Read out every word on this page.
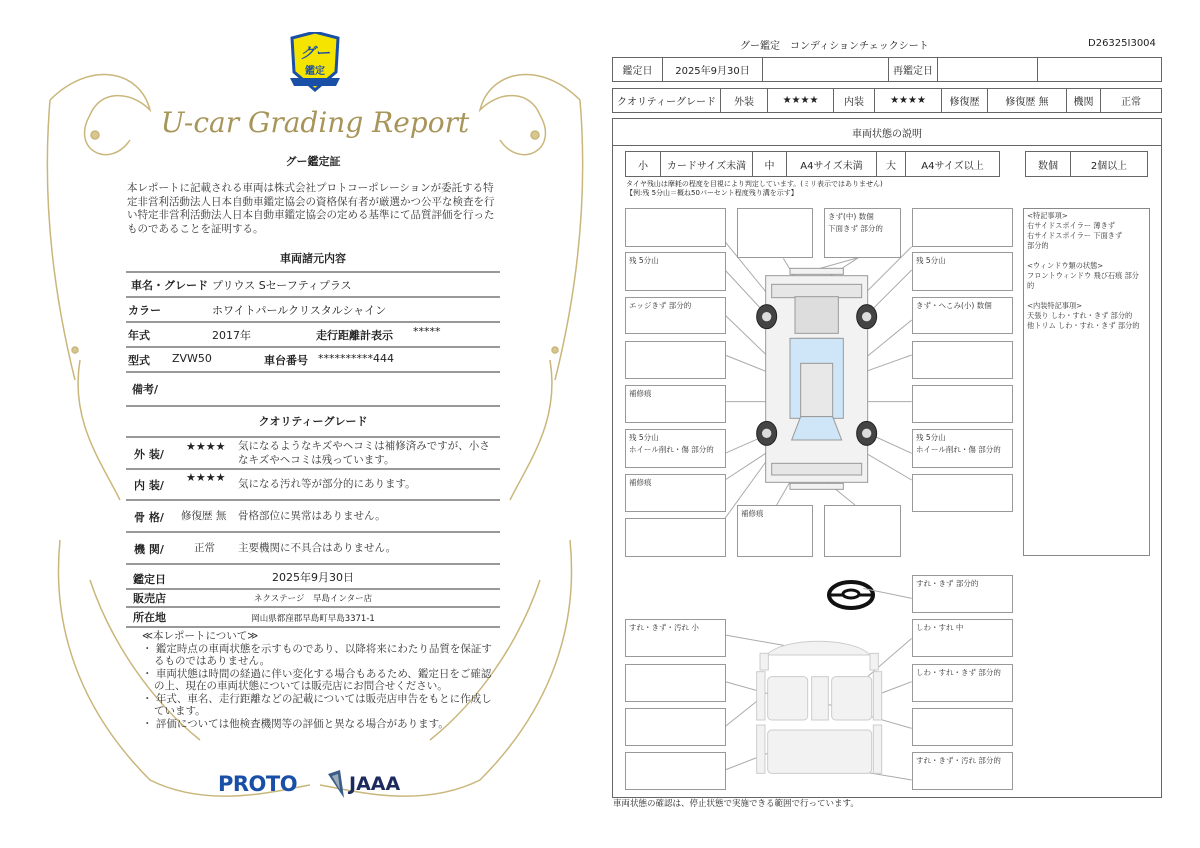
グー
鑑定
U-car Grading Report
グー鑑定証
本レポートに記載される車両は株式会社プロトコーポレーションが委託する特定非営利活動法人日本自動車鑑定協会の資格保有者が厳選かつ公平な検査を行い特定非営利活動法人日本自動車鑑定協会の定める基準にて品質評価を行ったものであることを証明する。
車両諸元内容
車名・グレード プリウス Sセーフティプラス
カラー	ホワイトパールクリスタルシャイン
年式	2017年	走行距離計表示 *****
型式 ZVW50	車台番号 **********444
備考/
クオリティーグレード
外 装/
★★★★ 気になるようなキズやヘコミは補修済みですが、小さなキズやヘコミは残っています。
内 装/
★★★★ 気になる汚れ等が部分的にあります。
骨 格/ 修復歴 無 骨格部位に異常はありません。
機 関/	正常 主要機関に不具合はありません。
鑑定日	2025年9月30日
販売店	ネクステージ　早島インター店
所在地	岡山県都窪郡早島町早島3371-1
≪本レポートについて≫
・ 鑑定時点の車両状態を示すものであり、以降将来にわたり品質を保証するものではありません。
・ 車両状態は時間の経過に伴い変化する場合もあるため、鑑定日をご確認の上、現在の車両状態については販売店にお問合せください。
・ 年式、車名、走行距離などの記載については販売店申告をもとに作成しています。
・ 評価については他検査機関等の評価と異なる場合があります。
PROTO	JAAA
グー鑑定　コンディションチェックシート	D26325I3004
鑑定日	2025年9月30日	再鑑定日
クオリティーグレード	外装	★★★★	内装	★★★★	修復歴	修復歴 無	機関	正常
車両状態の説明
小	カードサイズ未満	中	A4サイズ未満	大	A4サイズ以上	数個	2個以上
タイヤ残山は摩耗の程度を目視により判定しています。(ミリ表示ではありません)
【例:残 5分山＝概ね50パーセント程度残り溝を示す】
<特記事項>
右サイドスポイラー 薄きず
右サイドスポイラー 下面きず
部分的
<ウィンドウ類の状態>
フロントウィンドウ 飛び石痕 部分的
<内装特記事項>
天張り しわ・すれ・きず 部分的
他トリム しわ・すれ・きず 部分的
残 5分山
エッジきず 部分的
補修痕
残 5分山
ホイール削れ・傷 部分的
補修痕
残 5分山
きず・へこみ(小) 数個
残 5分山
ホイール削れ・傷 部分的
きず(中) 数個
下面きず 部分的
補修痕
すれ・きず・汚れ 小
すれ・きず 部分的
しわ・すれ 中
しわ・すれ・きず 部分的
すれ・きず・汚れ 部分的
車両状態の確認は、停止状態で実施できる範囲で行っています。
